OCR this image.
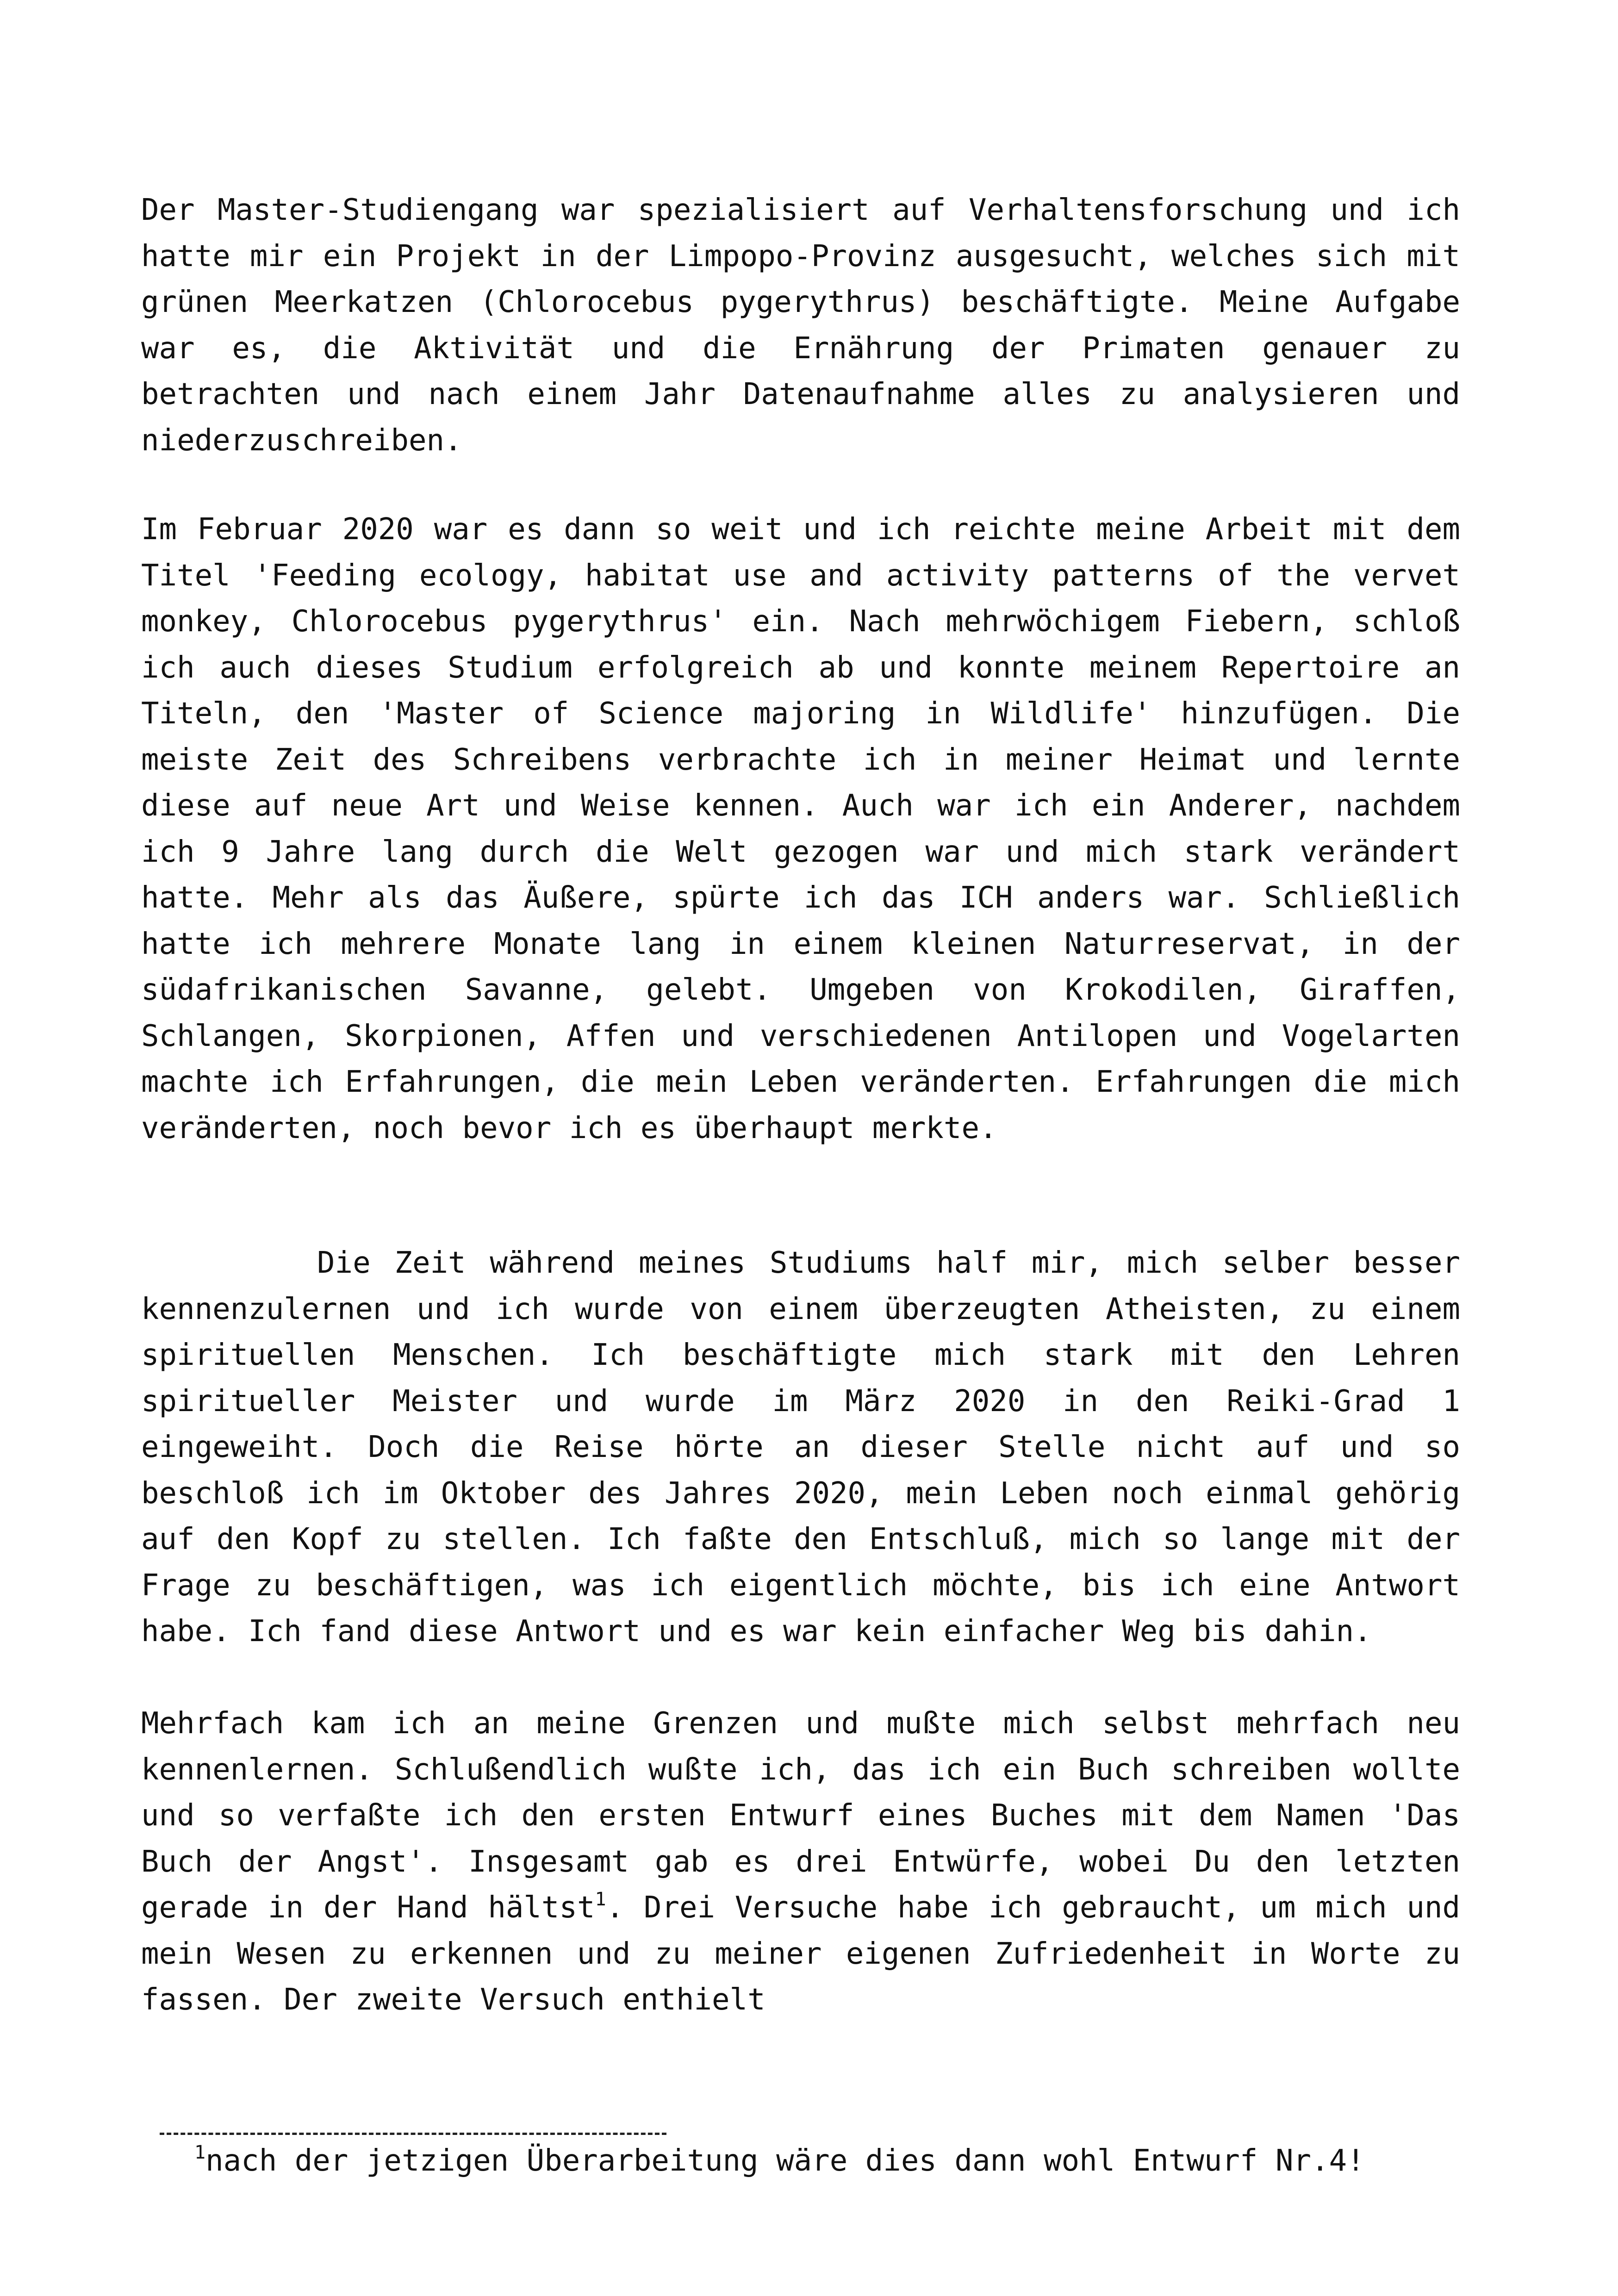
Der Master-Studiengang war spezialisiert auf Verhaltensforschung und ich hatte mir ein Projekt in der Limpopo-Provinz ausgesucht, welches sich mit grünen Meerkatzen (Chlorocebus pygerythrus) beschäftigte. Meine Aufgabe war es, die Aktivität und die Ernährung der Primaten genauer zu betrachten und nach einem Jahr Datenaufnahme alles zu analysieren und niederzuschreiben.

Im Februar 2020 war es dann so weit und ich reichte meine Arbeit mit dem Titel 'Feeding ecology, habitat use and activity patterns of the vervet monkey, Chlorocebus pygerythrus' ein. Nach mehrwöchigem Fiebern, schloß ich auch dieses Studium erfolgreich ab und konnte meinem Repertoire an Titeln, den 'Master of Science majoring in Wildlife' hinzufügen. Die meiste Zeit des Schreibens verbrachte ich in meiner Heimat und lernte diese auf neue Art und Weise kennen. Auch war ich ein Anderer, nachdem ich 9 Jahre lang durch die Welt gezogen war und mich stark verändert hatte. Mehr als das Äußere, spürte ich das ICH anders war. Schließlich hatte ich mehrere Monate lang in einem kleinen Naturreservat, in der südafrikanischen Savanne, gelebt. Umgeben von Krokodilen, Giraffen, Schlangen, Skorpionen, Affen und verschiedenen Antilopen und Vogelarten machte ich Erfahrungen, die mein Leben veränderten. Erfahrungen die mich veränderten, noch bevor ich es überhaupt merkte.

Die Zeit während meines Studiums half mir, mich selber besser kennenzulernen und ich wurde von einem überzeugten Atheisten, zu einem spirituellen Menschen. Ich beschäftigte mich stark mit den Lehren spiritueller Meister und wurde im März 2020 in den Reiki-Grad 1 eingeweiht. Doch die Reise hörte an dieser Stelle nicht auf und so beschloß ich im Oktober des Jahres 2020, mein Leben noch einmal gehörig auf den Kopf zu stellen. Ich faßte den Entschluß, mich so lange mit der Frage zu beschäftigen, was ich eigentlich möchte, bis ich eine Antwort habe. Ich fand diese Antwort und es war kein einfacher Weg bis dahin.

Mehrfach kam ich an meine Grenzen und mußte mich selbst mehrfach neu kennenlernen. Schlußendlich wußte ich, das ich ein Buch schreiben wollte und so verfaßte ich den ersten Entwurf eines Buches mit dem Namen 'Das Buch der Angst'. Insgesamt gab es drei Entwürfe, wobei Du den letzten gerade in der Hand hältst$^1$. Drei Versuche habe ich gebraucht, um mich und mein Wesen zu erkennen und zu meiner eigenen Zufriedenheit in Worte zu fassen. Der zweite Versuch enthielt

$^1$nach der jetzigen Überarbeitung wäre dies dann wohl Entwurf Nr.4!
